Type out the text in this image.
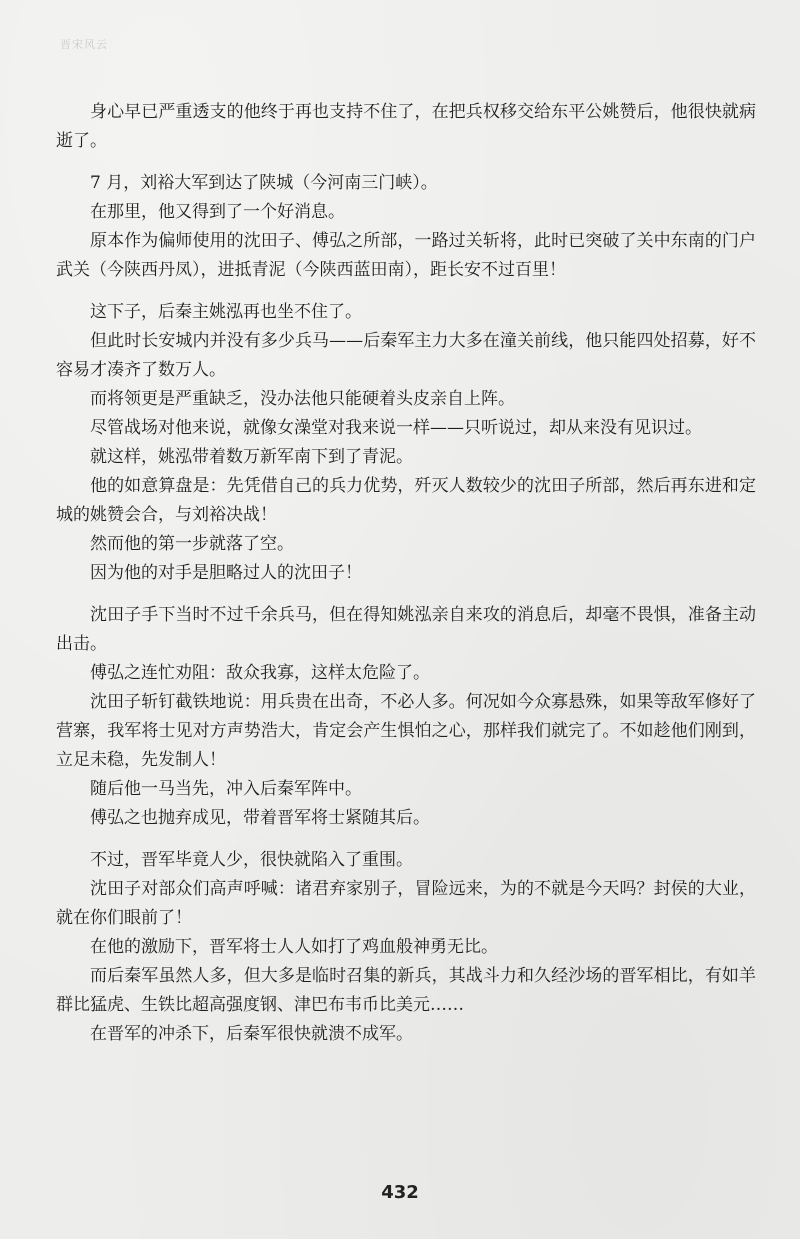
晋宋风云

身心早已严重透支的他终于再也支持不住了，在把兵权移交给东平公姚赞后，他很快就病逝了。

7 月，刘裕大军到达了陕城（今河南三门峡）。

在那里，他又得到了一个好消息。

原本作为偏师使用的沈田子、傅弘之所部，一路过关斩将，此时已突破了关中东南的门户武关（今陕西丹凤），进抵青泥（今陕西蓝田南），距长安不过百里！

这下子，后秦主姚泓再也坐不住了。

但此时长安城内并没有多少兵马——后秦军主力大多在潼关前线，他只能四处招募，好不容易才凑齐了数万人。

而将领更是严重缺乏，没办法他只能硬着头皮亲自上阵。

尽管战场对他来说，就像女澡堂对我来说一样——只听说过，却从来没有见识过。

就这样，姚泓带着数万新军南下到了青泥。

他的如意算盘是：先凭借自己的兵力优势，歼灭人数较少的沈田子所部，然后再东进和定城的姚赞会合，与刘裕决战！

然而他的第一步就落了空。

因为他的对手是胆略过人的沈田子！

沈田子手下当时不过千余兵马，但在得知姚泓亲自来攻的消息后，却毫不畏惧，准备主动出击。

傅弘之连忙劝阻：敌众我寡，这样太危险了。

沈田子斩钉截铁地说：用兵贵在出奇，不必人多。何况如今众寡悬殊，如果等敌军修好了营寨，我军将士见对方声势浩大，肯定会产生惧怕之心，那样我们就完了。不如趁他们刚到，立足未稳，先发制人！

随后他一马当先，冲入后秦军阵中。

傅弘之也抛弃成见，带着晋军将士紧随其后。

不过，晋军毕竟人少，很快就陷入了重围。

沈田子对部众们高声呼喊：诸君弃家别子，冒险远来，为的不就是今天吗？封侯的大业，就在你们眼前了！

在他的激励下，晋军将士人人如打了鸡血般神勇无比。

而后秦军虽然人多，但大多是临时召集的新兵，其战斗力和久经沙场的晋军相比，有如羊群比猛虎、生铁比超高强度钢、津巴布韦币比美元……

在晋军的冲杀下，后秦军很快就溃不成军。

432
